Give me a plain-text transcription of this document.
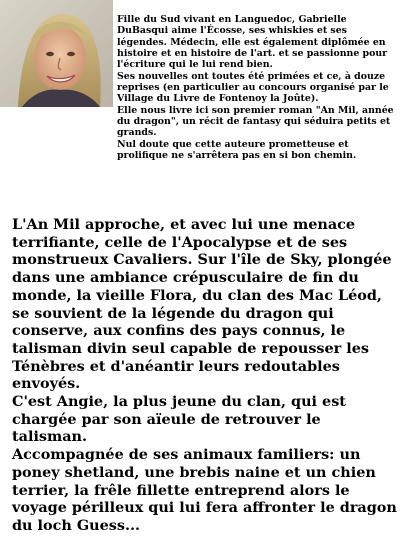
Fille du Sud vivant en Languedoc, Gabrielle DuBasqui aime l'Écosse, ses whiskies et ses légendes. Médecin, elle est également diplômée en histoire et en histoire de l'art. et se passionne pour l'écriture qui le lui rend bien.

Ses nouvelles ont toutes été primées et ce, à douze reprises (en particulier au concours organisé par le Village du Livre de Fontenoy la Joûte).

Elle nous livre ici son premier roman "An Mil, année du dragon", un récit de fantasy qui séduira petits et grands.

Nul doute que cette auteure prometteuse et prolifique ne s'arrêtera pas en si bon chemin.

L'An Mil approche, et avec lui une menace terrifiante, celle de l'Apocalypse et de ses monstrueux Cavaliers. Sur l'île de Sky, plongée dans une ambiance crépusculaire de fin du monde, la vieille Flora, du clan des Mac Léod, se souvient de la légende du dragon qui conserve, aux confins des pays connus, le talisman divin seul capable de repousser les Ténèbres et d'anéantir leurs redoutables envoyés.

C'est Angie, la plus jeune du clan, qui est chargée par son aïeule de retrouver le talisman.

Accompagnée de ses animaux familiers: un poney shetland, une brebis naine et un chien terrier, la frêle fillette entreprend alors le voyage périlleux qui lui fera affronter le dragon du loch Guess...
